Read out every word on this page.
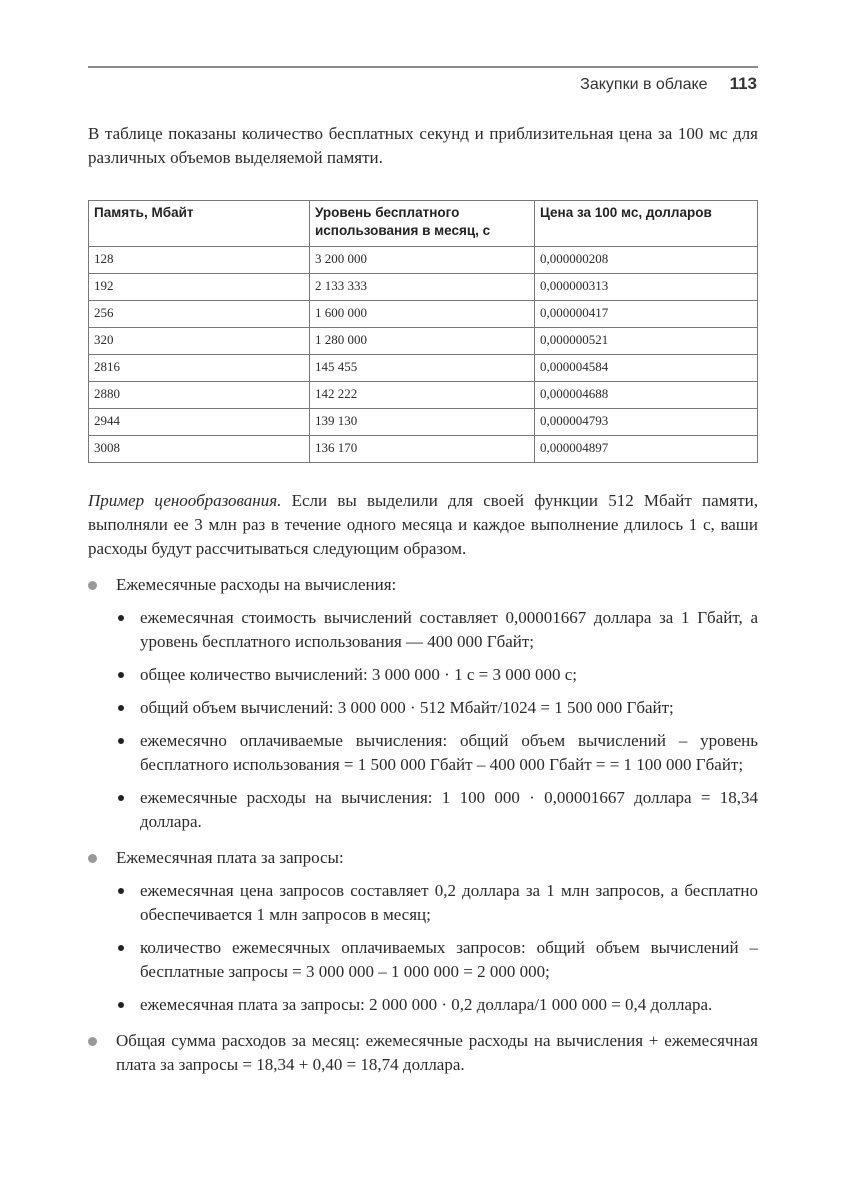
Закупки в облаке 113

В таблице показаны количество бесплатных секунд и приблизительная цена за 100 мс для различных объемов выделяемой памяти.

Память, Мбайт	Уровень бесплатного использования в месяц, с	Цена за 100 мс, долларов
128	3 200 000	0,000000208
192	2 133 333	0,000000313
256	1 600 000	0,000000417
320	1 280 000	0,000000521
2816	145 455	0,000004584
2880	142 222	0,000004688
2944	139 130	0,000004793
3008	136 170	0,000004897

Пример ценообразования. Если вы выделили для своей функции 512 Мбайт памяти, выполняли ее 3 млн раз в течение одного месяца и каждое выполнение длилось 1 с, ваши расходы будут рассчитываться следующим образом.

Ежемесячные расходы на вычисления:

ежемесячная стоимость вычислений составляет 0,00001667 доллара за 1 Гбайт, а уровень бесплатного использования — 400 000 Гбайт;

общее количество вычислений: 3 000 000 · 1 с = 3 000 000 с;

общий объем вычислений: 3 000 000 · 512 Мбайт/1024 = 1 500 000 Гбайт;

ежемесячно оплачиваемые вычисления: общий объем вычислений – уровень бесплатного использования = 1 500 000 Гбайт – 400 000 Гбайт = = 1 100 000 Гбайт;

ежемесячные расходы на вычисления: 1 100 000 · 0,00001667 доллара = 18,34 доллара.

Ежемесячная плата за запросы:

ежемесячная цена запросов составляет 0,2 доллара за 1 млн запросов, а бесплатно обеспечивается 1 млн запросов в месяц;

количество ежемесячных оплачиваемых запросов: общий объем вычислений – бесплатные запросы = 3 000 000 – 1 000 000 = 2 000 000;

ежемесячная плата за запросы: 2 000 000 · 0,2 доллара/1 000 000 = 0,4 доллара.

Общая сумма расходов за месяц: ежемесячные расходы на вычисления + ежемесячная плата за запросы = 18,34 + 0,40 = 18,74 доллара.
